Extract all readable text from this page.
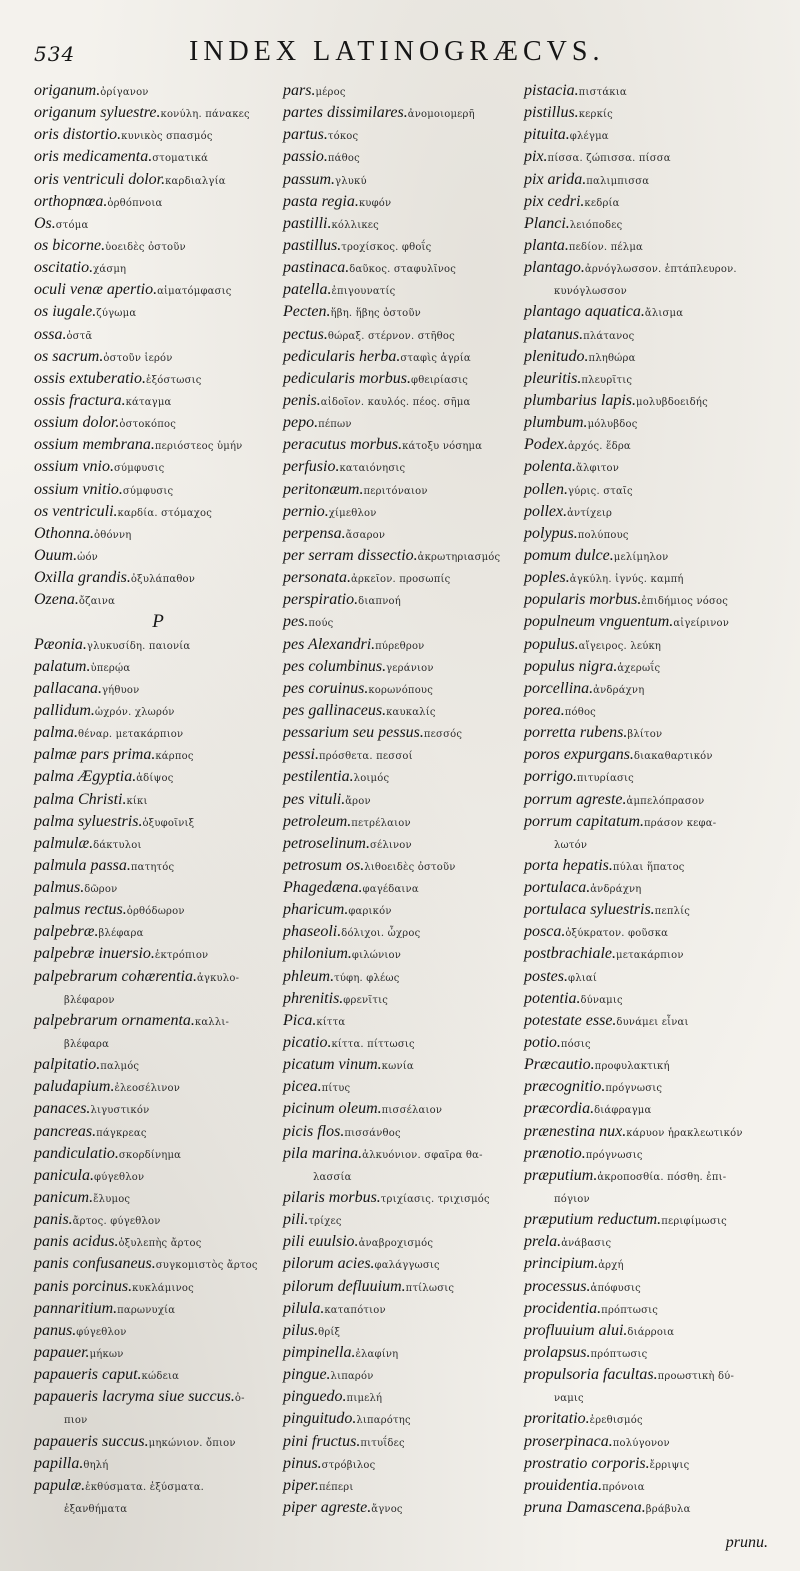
534	INDEX LATINOGRÆCVS.
origanum.ὀρίγανον
origanum syluestre.κονύλη. πάνακες
oris distortio.κυνικὸς σπασμός
oris medicamenta.στοματικά
oris ventriculi dolor.καρδιαλγία
orthopnœa.ὀρθόπνοια
Os.στόμα
os bicorne.ὑοειδὲς ὀστοῦν
oscitatio.χάσμη
oculi venæ apertio.αἱματόμφασις
os iugale.ζύγωμα
ossa.ὀστᾶ
os sacrum.ὀστοῦν ἱερόν
ossis extuberatio.ἐξόστωσις
ossis fractura.κάταγμα
ossium dolor.ὀστοκόπος
ossium membrana.περιόστεος ὑμήν
ossium vnio.σύμφυσις
ossium vnitio.σύμφυσις
os ventriculi.καρδία. στόμαχος
Othonna.ὀθόννη
Ouum.ὠόν
Oxilla grandis.ὀξυλάπαθον
Ozena.ὄζαινα
P
Pæonia.γλυκυσίδη. παιονία
palatum.ὑπερῴα
pallacana.γήθυον
pallidum.ὠχρόν. χλωρόν
palma.θέναρ. μετακάρπιον
palmæ pars prima.κάρπος
palma Ægyptia.ἀδίψος
palma Christi.κίκι
palma syluestris.ὀξυφοῖνιξ
palmulæ.δάκτυλοι
palmula passa.πατητός
palmus.δῶρον
palmus rectus.ὀρθόδωρον
palpebræ.βλέφαρα
palpebræ inuersio.ἐκτρόπιον
palpebrarum cohærentia.ἀγκυλο-
βλέφαρον
palpebrarum ornamenta.καλλι-
βλέφαρα
palpitatio.παλμός
paludapium.ἐλεοσέλινον
panaces.λιγυστικόν
pancreas.πάγκρεας
pandiculatio.σκορδίνημα
panicula.φύγεθλον
panicum.ἔλυμος
panis.ἄρτος. φύγεθλον
panis acidus.ὀξυλεπὴς ἄρτος
panis confusaneus.συγκομιστὸς ἄρτος
panis porcinus.κυκλάμινος
pannaritium.παρωνυχία
panus.φύγεθλον
papauer.μήκων
papaueris caput.κώδεια
papaueris lacryma siue succus.ὀ-
πιον
papaueris succus.μηκώνιον. ὄπιον
papilla.θηλή
papulæ.ἐκθύσματα. ἐξύσματα.
ἐξανθήματα
pars.μέρος
partes dissimilares.ἀνομοιομερῆ
partus.τόκος
passio.πάθος
passum.γλυκύ
pasta regia.κυφόν
pastilli.κόλλικες
pastillus.τροχίσκος. φθοΐς
pastinaca.δαῦκος. σταφυλῖνος
patella.ἐπιγουνατίς
Pecten.ἥβη. ἥβης ὀστοῦν
pectus.θώραξ. στέρνον. στῆθος
pedicularis herba.σταφὶς ἀγρία
pedicularis morbus.φθειρίασις
penis.αἰδοῖον. καυλός. πέος. σῆμα
pepo.πέπων
peracutus morbus.κάτοξυ νόσημα
perfusio.καταιόνησις
peritonæum.περιτόναιον
pernio.χίμεθλον
perpensa.ἄσαρον
per serram dissectio.ἀκρωτηριασμός
personata.ἀρκεῖον. προσωπίς
perspiratio.διαπνοή
pes.πούς
pes Alexandri.πύρεθρον
pes columbinus.γεράνιον
pes coruinus.κορωνόπους
pes gallinaceus.καυκαλίς
pessarium seu pessus.πεσσός
pessi.πρόσθετα. πεσσοί
pestilentia.λοιμός
pes vituli.ἄρον
petroleum.πετρέλαιον
petroselinum.σέλινον
petrosum os.λιθοειδὲς ὀστοῦν
Phagedæna.φαγέδαινα
pharicum.φαρικόν
phaseoli.δόλιχοι. ὦχρος
philonium.φιλώνιον
phleum.τύφη. φλέως
phrenitis.φρενῖτις
Pica.κίττα
picatio.κίττα. πίττωσις
picatum vinum.κωνία
picea.πίτυς
picinum oleum.πισσέλαιον
picis flos.πισσάνθος
pila marina.ἁλκυόνιον. σφαῖρα θα-
λασσία
pilaris morbus.τριχίασις. τριχισμός
pili.τρίχες
pili euulsio.ἀναβροχισμός
pilorum acies.φαλάγγωσις
pilorum defluuium.πτίλωσις
pilula.καταπότιον
pilus.θρίξ
pimpinella.ἐλαφίνη
pingue.λιπαρόν
pinguedo.πιμελή
pinguitudo.λιπαρότης
pini fructus.πιτυΐδες
pinus.στρόβιλος
piper.πέπερι
piper agreste.ἄγνος
pistacia.πιστάκια
pistillus.κερκίς
pituita.φλέγμα
pix.πίσσα. ζώπισσα. πίσσα
pix arida.παλιμπισσα
pix cedri.κεδρία
Planci.λειόποδες
planta.πεδίον. πέλμα
plantago.ἀρνόγλωσσον. ἑπτάπλευρον.
κυνόγλωσσον
plantago aquatica.ἄλισμα
platanus.πλάτανος
plenitudo.πληθώρα
pleuritis.πλευρῖτις
plumbarius lapis.μολυβδοειδής
plumbum.μόλυβδος
Podex.ἀρχός. ἕδρα
polenta.ἄλφιτον
pollen.γύρις. σταῖς
pollex.ἀντίχειρ
polypus.πολύπους
pomum dulce.μελίμηλον
poples.ἀγκύλη. ἰγνύς. καμπή
popularis morbus.ἐπιδήμιος νόσος
populneum vnguentum.αἰγείρινον
populus.αἴγειρος. λεύκη
populus nigra.ἀχερωΐς
porcellina.ἀνδράχνη
porea.πόθος
porretta rubens.βλίτον
poros expurgans.διακαθαρτικόν
porrigo.πιτυρίασις
porrum agreste.ἀμπελόπρασον
porrum capitatum.πράσον κεφα-
λωτόν
porta hepatis.πύλαι ἥπατος
portulaca.ἀνδράχνη
portulaca syluestris.πεπλίς
posca.ὀξύκρατον. φοῦσκα
postbrachiale.μετακάρπιον
postes.φλιαί
potentia.δύναμις
potestate esse.δυνάμει εἶναι
potio.πόσις
Præcautio.προφυλακτική
præcognitio.πρόγνωσις
præcordia.διάφραγμα
prænestina nux.κάρυον ἡρακλεωτικόν
prænotio.πρόγνωσις
præputium.ἀκροποσθία. πόσθη. ἐπι-
πόγιον
præputium reductum.περιφίμωσις
prela.ἀνάβασις
principium.ἀρχή
processus.ἀπόφυσις
procidentia.πρόπτωσις
profluuium alui.διάρροια
prolapsus.πρόπτωσις
propulsoria facultas.προωστικὴ δύ-
ναμις
proritatio.ἐρεθισμός
proserpinaca.πολύγονον
prostratio corporis.ἔρριψις
prouidentia.πρόνοια
pruna Damascena.βράβυλα
prunu.
